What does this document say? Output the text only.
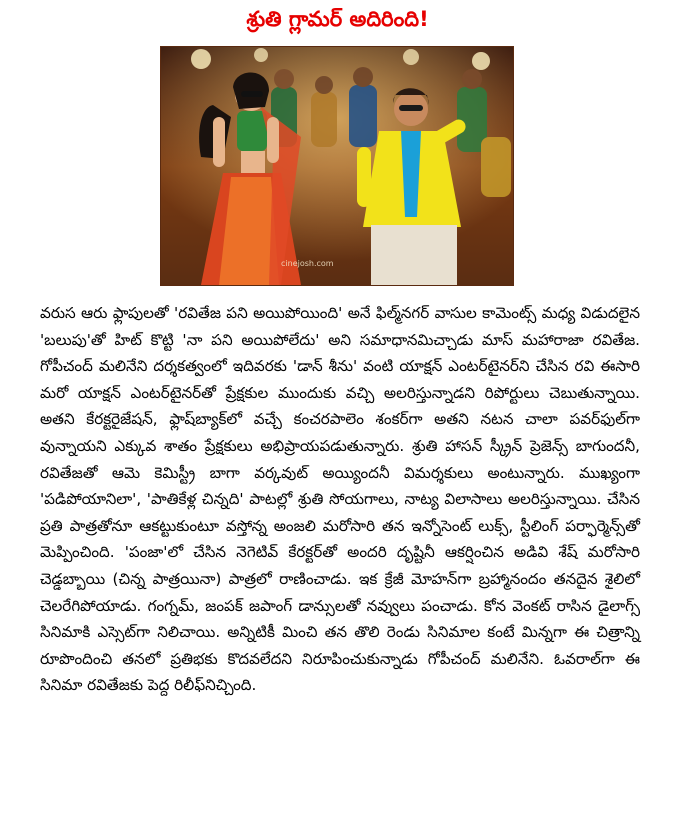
శ్రుతి గ్లామర్ అదిరింది!
cinejosh.com

వరుస ఆరు ఫ్లాపులతో 'రవితేజ పని అయిపోయింది' అనే ఫిల్మ్‌నగర్ వాసుల కామెంట్స్ మధ్య విడుదలైన 'బలుపు'తో హిట్ కొట్టి 'నా పని అయిపోలేదు' అని సమాధానమిచ్చాడు మాస్ మహారాజా రవితేజ. గోపీచంద్ మలినేని దర్శకత్వంలో ఇదివరకు 'డాన్ శీను' వంటి యాక్షన్ ఎంటర్‌టైనర్‌ని చేసిన రవి ఈసారి మరో యాక్షన్ ఎంటర్‌టైనర్‌తో ప్రేక్షకుల ముందుకు వచ్చి అలరిస్తున్నాడని రిపోర్టులు చెబుతున్నాయి. అతని కేరక్టరైజేషన్, ఫ్లాష్‌బ్యాక్‌లో వచ్చే కంచరపాలెం శంకర్‌గా అతని నటన చాలా పవర్‌ఫుల్‌గా వున్నాయని ఎక్కువ శాతం ప్రేక్షకులు అభిప్రాయపడుతున్నారు. శ్రుతి హాసన్ స్క్రీన్ ప్రెజెన్స్ బాగుందనీ, రవితేజతో ఆమె కెమిస్ట్రీ బాగా వర్కవుట్ అయ్యిందనీ విమర్శకులు అంటున్నారు. ముఖ్యంగా 'పడిపోయానిలా', 'పాతికేళ్ల చిన్నది' పాటల్లో శ్రుతి సోయగాలు, నాట్య విలాసాలు అలరిస్తున్నాయి. చేసిన ప్రతి పాత్రతోనూ ఆకట్టుకుంటూ వస్తోన్న అంజలి మరోసారి తన ఇన్నోసెంట్ లుక్స్, స్టీలింగ్ పర్ఫార్మెన్స్‌తో మెప్పించింది. 'పంజా'లో చేసిన నెగెటివ్ కేరక్టర్‌తో అందరి దృష్టినీ ఆకర్షించిన అడివి శేష్ మరోసారి చెడ్డబ్బాయి (చిన్న పాత్రయినా) పాత్రలో రాణించాడు. ఇక క్రేజీ మోహన్‌గా బ్రహ్మానందం తనదైన శైలిలో చెలరేగిపోయాడు. గంగ్నమ్, జంపక్ జపాంగ్ డాన్సులతో నవ్వులు పంచాడు. కోన వెంకట్ రాసిన డైలాగ్స్ సినిమాకి ఎస్సెట్‌గా నిలిచాయి. అన్నిటికీ మించి తన తొలి రెండు సినిమాల కంటే మిన్నగా ఈ చిత్రాన్ని రూపొందించి తనలో ప్రతిభకు కొదవలేదని నిరూపించుకున్నాడు గోపీచంద్ మలినేని. ఓవరాల్‌గా ఈ సినిమా రవితేజకు పెద్ద రిలీఫ్‌నిచ్చింది.
